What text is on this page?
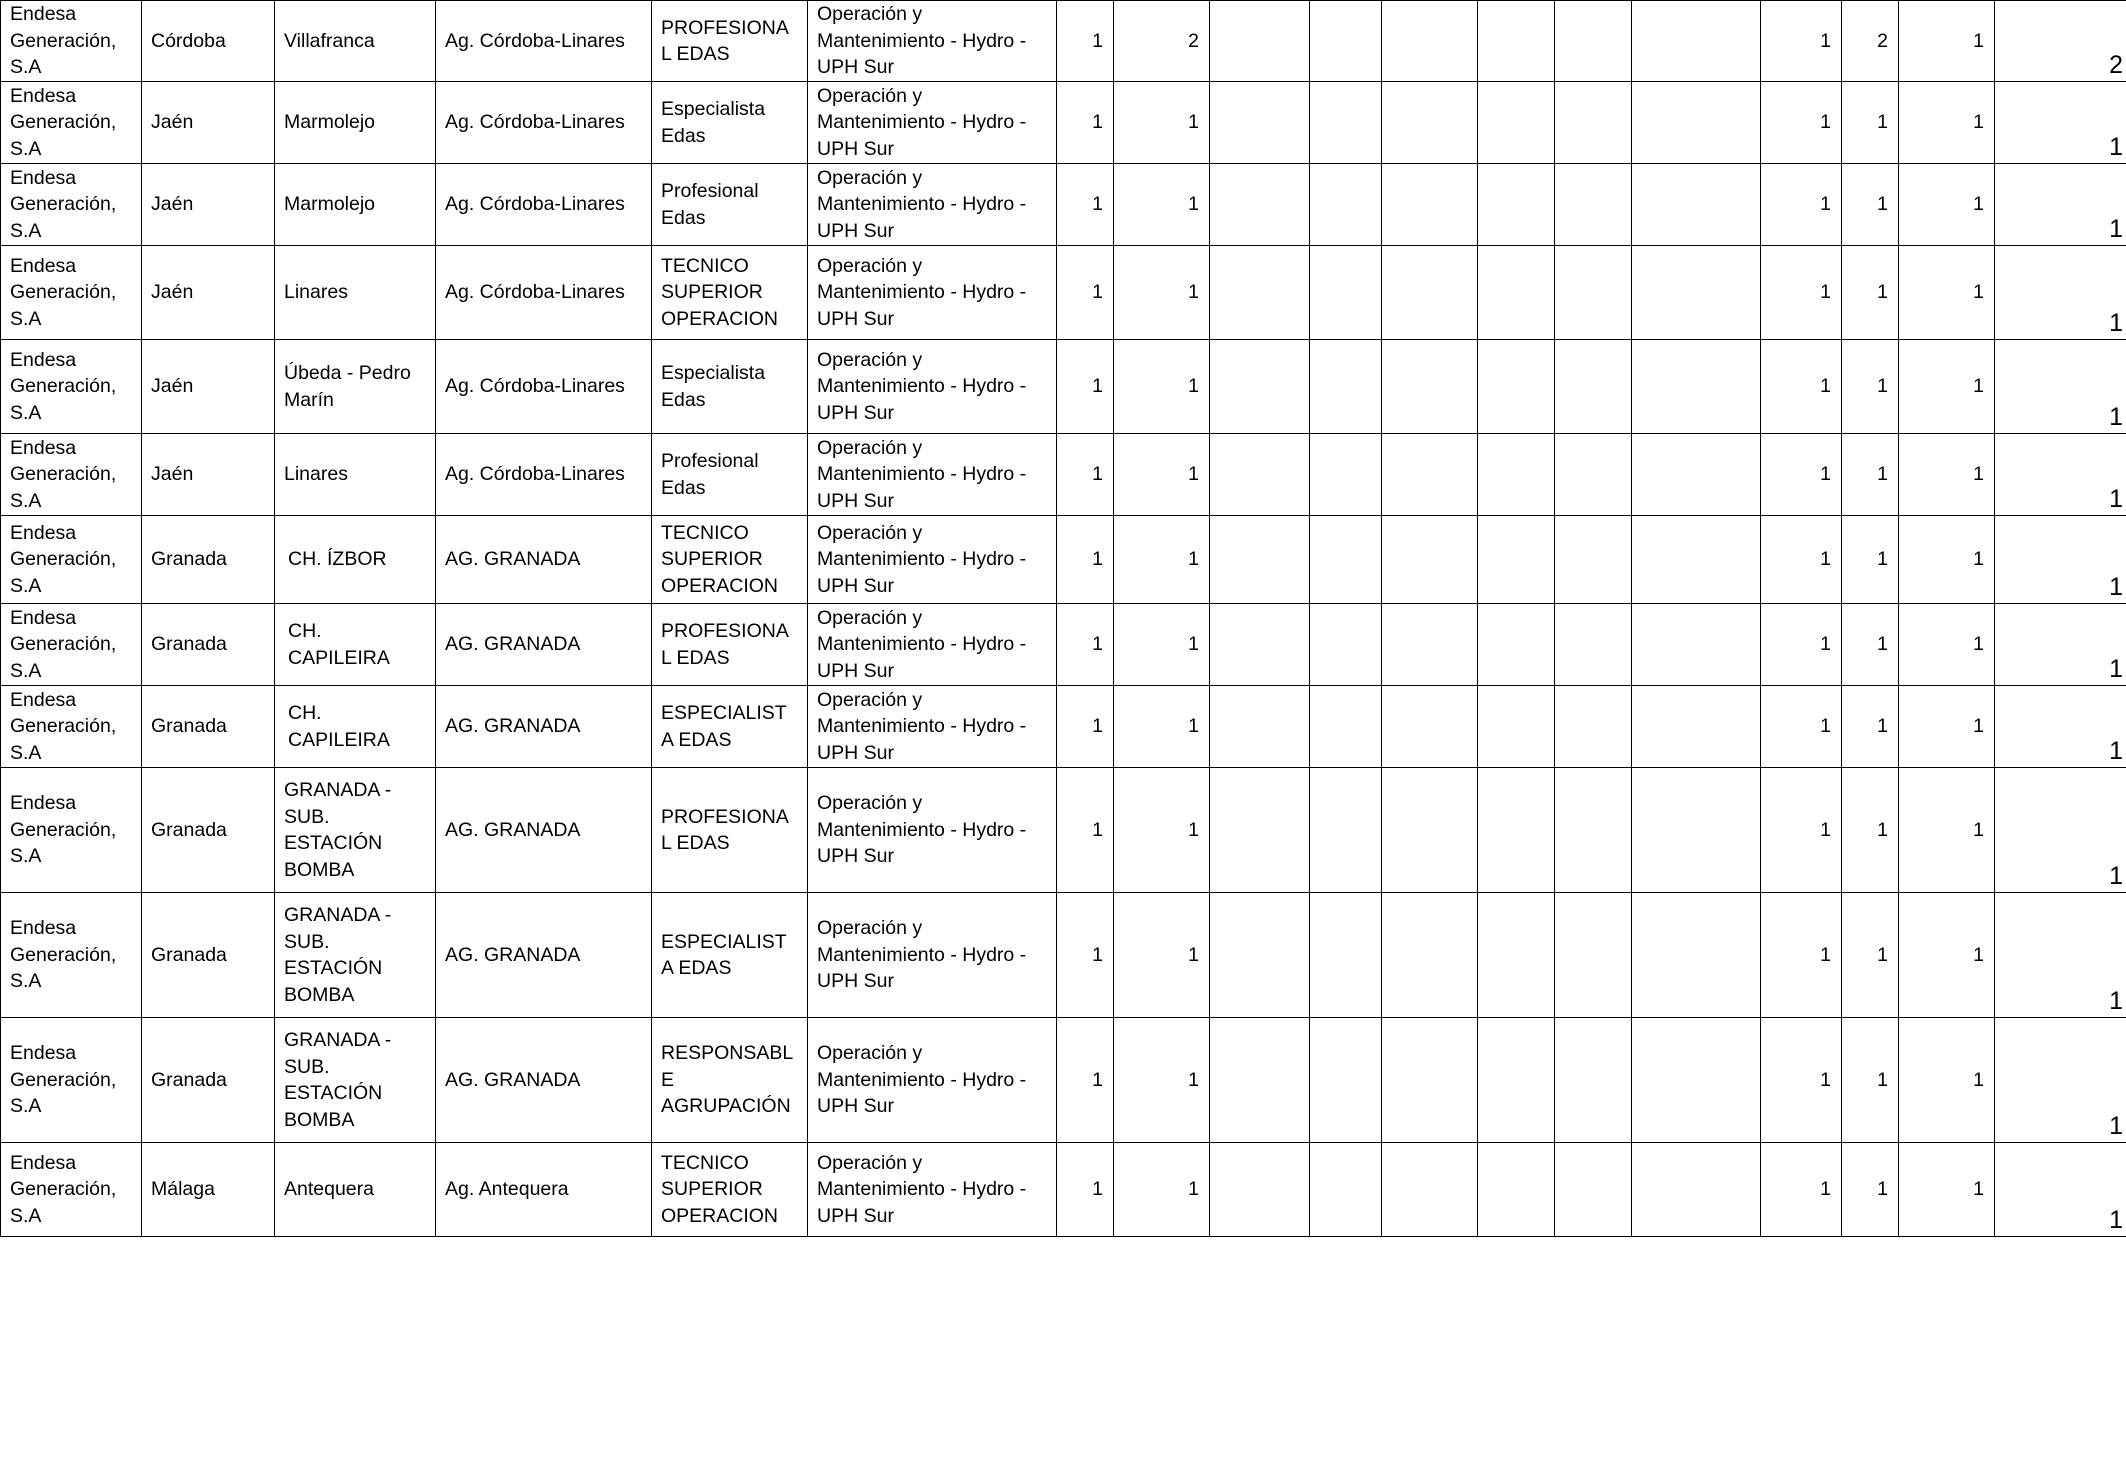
Endesa Generación, S.A	Córdoba	Villafranca	Ag. Córdoba-Linares	PROFESIONAL EDAS	Operación y Mantenimiento - Hydro - UPH Sur	1	2							1	2	1	2
Endesa Generación, S.A	Jaén	Marmolejo	Ag. Córdoba-Linares	Especialista Edas	Operación y Mantenimiento - Hydro - UPH Sur	1	1							1	1	1	1
Endesa Generación, S.A	Jaén	Marmolejo	Ag. Córdoba-Linares	Profesional Edas	Operación y Mantenimiento - Hydro - UPH Sur	1	1							1	1	1	1
Endesa Generación, S.A	Jaén	Linares	Ag. Córdoba-Linares	TECNICO SUPERIOR OPERACION	Operación y Mantenimiento - Hydro - UPH Sur	1	1							1	1	1	1
Endesa Generación, S.A	Jaén	Úbeda - Pedro Marín	Ag. Córdoba-Linares	Especialista Edas	Operación y Mantenimiento - Hydro - UPH Sur	1	1							1	1	1	1
Endesa Generación, S.A	Jaén	Linares	Ag. Córdoba-Linares	Profesional Edas	Operación y Mantenimiento - Hydro - UPH Sur	1	1							1	1	1	1
Endesa Generación, S.A	Granada	CH. ÍZBOR	AG. GRANADA	TECNICO SUPERIOR OPERACION	Operación y Mantenimiento - Hydro - UPH Sur	1	1							1	1	1	1
Endesa Generación, S.A	Granada	CH. CAPILEIRA	AG. GRANADA	PROFESIONAL EDAS	Operación y Mantenimiento - Hydro - UPH Sur	1	1							1	1	1	1
Endesa Generación, S.A	Granada	CH. CAPILEIRA	AG. GRANADA	ESPECIALISTA EDAS	Operación y Mantenimiento - Hydro - UPH Sur	1	1							1	1	1	1
Endesa Generación, S.A	Granada	GRANADA - SUB. ESTACIÓN BOMBA	AG. GRANADA	PROFESIONAL EDAS	Operación y Mantenimiento - Hydro - UPH Sur	1	1							1	1	1	1
Endesa Generación, S.A	Granada	GRANADA - SUB. ESTACIÓN BOMBA	AG. GRANADA	ESPECIALISTA EDAS	Operación y Mantenimiento - Hydro - UPH Sur	1	1							1	1	1	1
Endesa Generación, S.A	Granada	GRANADA - SUB. ESTACIÓN BOMBA	AG. GRANADA	RESPONSABLE AGRUPACIÓN	Operación y Mantenimiento - Hydro - UPH Sur	1	1							1	1	1	1
Endesa Generación, S.A	Málaga	Antequera	Ag. Antequera	TECNICO SUPERIOR OPERACION	Operación y Mantenimiento - Hydro - UPH Sur	1	1							1	1	1	1
